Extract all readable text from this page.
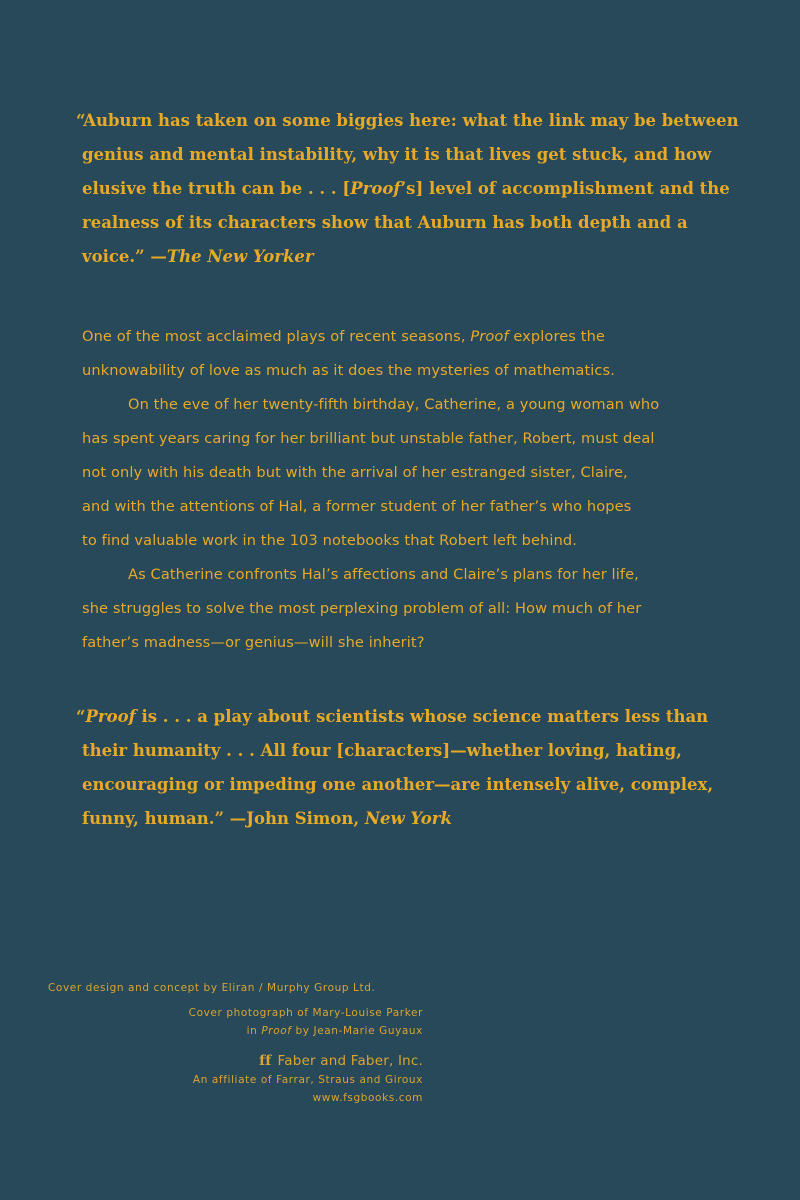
“Auburn has taken on some biggies here: what the link may be between
genius and mental instability, why it is that lives get stuck, and how
elusive the truth can be . . . [Proof’s] level of accomplishment and the
realness of its characters show that Auburn has both depth and a
voice.” —The New Yorker
One of the most acclaimed plays of recent seasons, Proof explores the
unknowability of love as much as it does the mysteries of mathematics.
On the eve of her twenty-fifth birthday, Catherine, a young woman who
has spent years caring for her brilliant but unstable father, Robert, must deal
not only with his death but with the arrival of her estranged sister, Claire,
and with the attentions of Hal, a former student of her father’s who hopes
to find valuable work in the 103 notebooks that Robert left behind.
As Catherine confronts Hal’s affections and Claire’s plans for her life,
she struggles to solve the most perplexing problem of all: How much of her
father’s madness—or genius—will she inherit?
“Proof is . . . a play about scientists whose science matters less than
their humanity . . . All four [characters]—whether loving, hating,
encouraging or impeding one another—are intensely alive, complex,
funny, human.” —John Simon, New York
Cover design and concept by Eliran / Murphy Group Ltd.
Cover photograph of Mary-Louise Parker
in Proof by Jean-Marie Guyaux
ff Faber and Faber, Inc.
An affiliate of Farrar, Straus and Giroux
www.fsgbooks.com
